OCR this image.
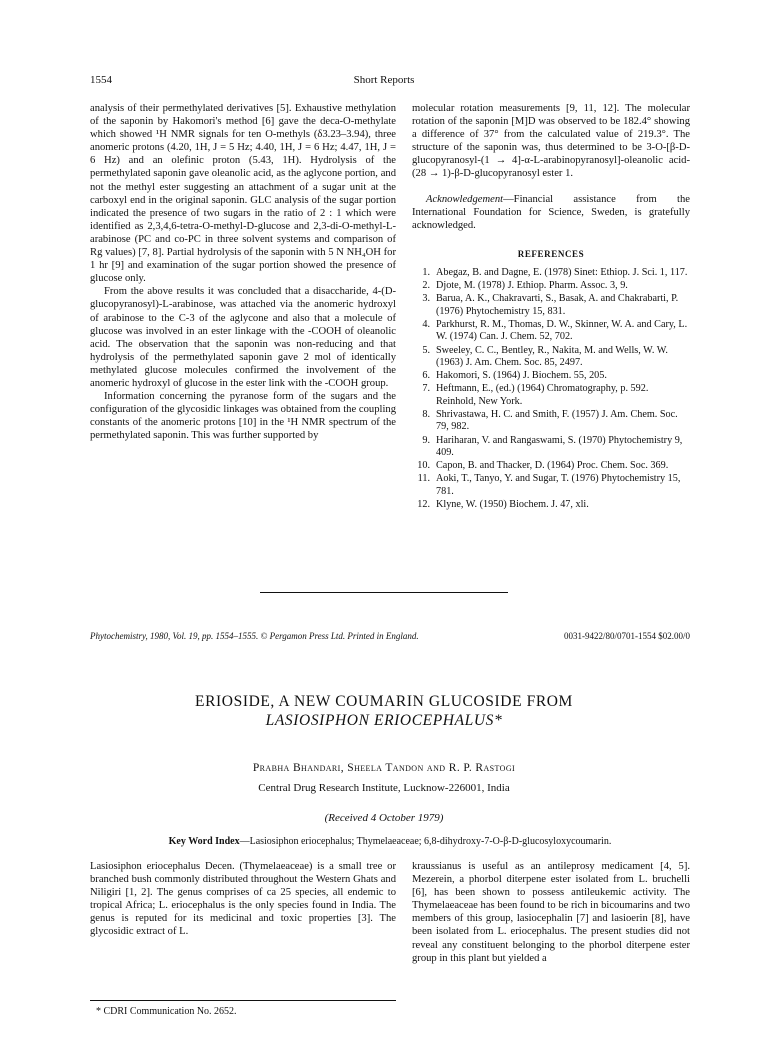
1554	Short Reports

analysis of their permethylated derivatives [5]. Exhaustive methylation of the saponin by Hakomori's method [6] gave the deca-O-methylate which showed ¹H NMR signals for ten O-methyls (δ3.23–3.94), three anomeric protons (4.20, 1H, J = 5 Hz; 4.40, 1H, J = 6 Hz; 4.47, 1H, J = 6 Hz) and an olefinic proton (5.43, 1H). Hydrolysis of the permethylated saponin gave oleanolic acid, as the aglycone portion, and not the methyl ester suggesting an attachment of a sugar unit at the carboxyl end in the original saponin. GLC analysis of the sugar portion indicated the presence of two sugars in the ratio of 2 : 1 which were identified as 2,3,4,6-tetra-O-methyl-D-glucose and 2,3-di-O-methyl-L-arabinose (PC and co-PC in three solvent systems and comparison of Rg values) [7, 8]. Partial hydrolysis of the saponin with 5 N NH₄OH for 1 hr [9] and examination of the sugar portion showed the presence of glucose only.

From the above results it was concluded that a disaccharide, 4-(D-glucopyranosyl)-L-arabinose, was attached via the anomeric hydroxyl of arabinose to the C-3 of the aglycone and also that a molecule of glucose was involved in an ester linkage with the -COOH of oleanolic acid. The observation that the saponin was non-reducing and that hydrolysis of the permethylated saponin gave 2 mol of identically methylated glucose molecules confirmed the involvement of the anomeric hydroxyl of glucose in the ester link with the -COOH group.

Information concerning the pyranose form of the sugars and the configuration of the glycosidic linkages was obtained from the coupling constants of the anomeric protons [10] in the ¹H NMR spectrum of the permethylated saponin. This was further supported by

molecular rotation measurements [9, 11, 12]. The molecular rotation of the saponin [M]D was observed to be 182.4° showing a difference of 37° from the calculated value of 219.3°. The structure of the saponin was, thus determined to be 3-O-[β-D-glucopyranosyl-(1 → 4]-α-L-arabinopyranosyl]-oleanolic acid-(28 → 1)-β-D-glucopyranosyl ester 1.

Acknowledgement—Financial assistance from the International Foundation for Science, Sweden, is gratefully acknowledged.

REFERENCES
1. Abegaz, B. and Dagne, E. (1978) Sinet: Ethiop. J. Sci. 1, 117.
2. Djote, M. (1978) J. Ethiop. Pharm. Assoc. 3, 9.
3. Barua, A. K., Chakravarti, S., Basak, A. and Chakrabarti, P. (1976) Phytochemistry 15, 831.
4. Parkhurst, R. M., Thomas, D. W., Skinner, W. A. and Cary, L. W. (1974) Can. J. Chem. 52, 702.
5. Sweeley, C. C., Bentley, R., Nakita, M. and Wells, W. W. (1963) J. Am. Chem. Soc. 85, 2497.
6. Hakomori, S. (1964) J. Biochem. 55, 205.
7. Heftmann, E., (ed.) (1964) Chromatography, p. 592. Reinhold, New York.
8. Shrivastawa, H. C. and Smith, F. (1957) J. Am. Chem. Soc. 79, 982.
9. Hariharan, V. and Rangaswami, S. (1970) Phytochemistry 9, 409.
10. Capon, B. and Thacker, D. (1964) Proc. Chem. Soc. 369.
11. Aoki, T., Tanyo, Y. and Sugar, T. (1976) Phytochemistry 15, 781.
12. Klyne, W. (1950) Biochem. J. 47, xli.
Phytochemistry, 1980, Vol. 19, pp. 1554–1555. © Pergamon Press Ltd. Printed in England.	0031-9422/80/0701-1554 $02.00/0
ERIOSIDE, A NEW COUMARIN GLUCOSIDE FROM
LASIOSIPHON ERIOCEPHALUS*
Prabha Bhandari, Sheela Tandon and R. P. Rastogi
Central Drug Research Institute, Lucknow-226001, India
(Received 4 October 1979)
Key Word Index—Lasiosiphon eriocephalus; Thymelaeaceae; 6,8-dihydroxy-7-O-β-D-glucosyloxycoumarin.

Lasiosiphon eriocephalus Decen. (Thymelaeaceae) is a small tree or branched bush commonly distributed throughout the Western Ghats and Niligiri [1, 2]. The genus comprises of ca 25 species, all endemic to tropical Africa; L. eriocephalus is the only species found in India. The genus is reputed for its medicinal and toxic properties [3]. The glycosidic extract of L.

kraussianus is useful as an antileprosy medicament [4, 5]. Mezerein, a phorbol diterpene ester isolated from L. bruchelli [6], has been shown to possess antileukemic activity. The Thymelaeaceae has been found to be rich in bicoumarins and two members of this group, lasiocephalin [7] and lasioerin [8], have been isolated from L. eriocephalus. The present studies did not reveal any constituent belonging to the phorbol diterpene ester group in this plant but yielded a

* CDRI Communication No. 2652.
